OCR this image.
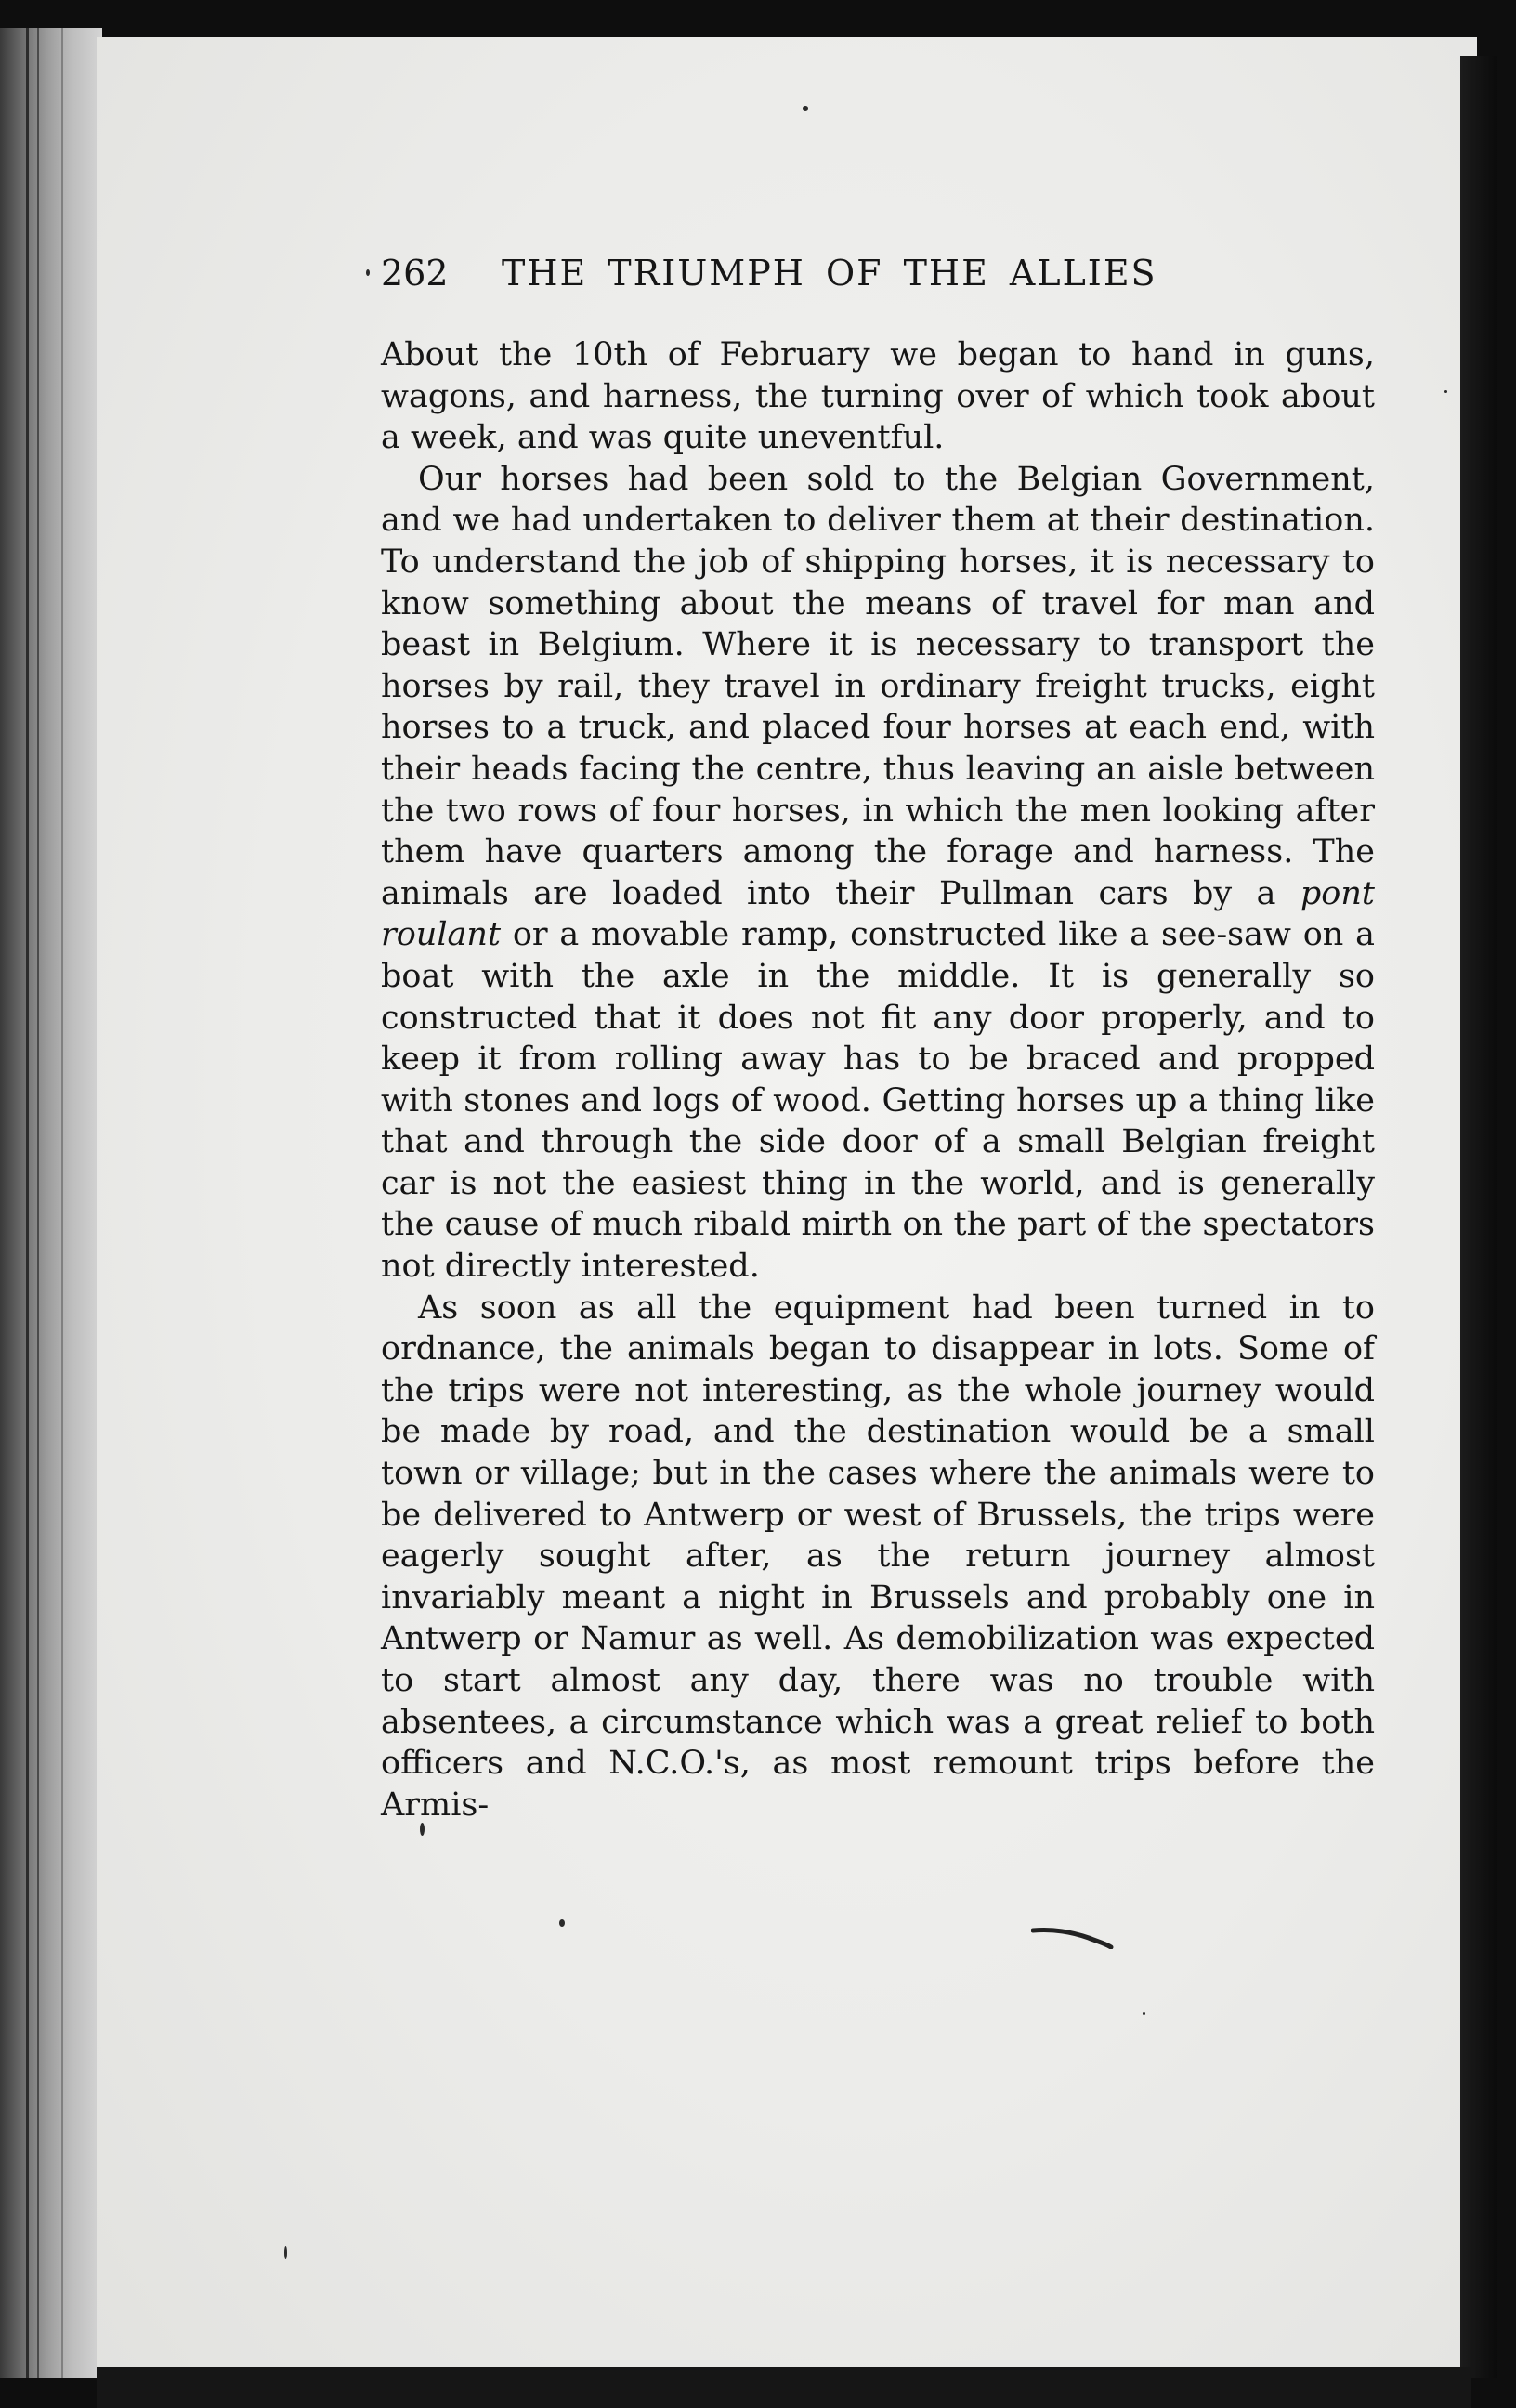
262	THE TRIUMPH OF THE ALLIES

About the 10th of February we began to hand in guns, wagons, and harness, the turning over of which took about a week, and was quite uneventful.

Our horses had been sold to the Belgian Government, and we had undertaken to deliver them at their destination. To understand the job of shipping horses, it is necessary to know something about the means of travel for man and beast in Belgium. Where it is necessary to transport the horses by rail, they travel in ordinary freight trucks, eight horses to a truck, and placed four horses at each end, with their heads facing the centre, thus leaving an aisle between the two rows of four horses, in which the men looking after them have quarters among the forage and harness. The animals are loaded into their Pullman cars by a pont roulant or a movable ramp, constructed like a see-saw on a boat with the axle in the middle. It is generally so constructed that it does not fit any door properly, and to keep it from rolling away has to be braced and propped with stones and logs of wood. Getting horses up a thing like that and through the side door of a small Belgian freight car is not the easiest thing in the world, and is generally the cause of much ribald mirth on the part of the spectators not directly interested.

As soon as all the equipment had been turned in to ordnance, the animals began to disappear in lots. Some of the trips were not interesting, as the whole journey would be made by road, and the destination would be a small town or village; but in the cases where the animals were to be delivered to Antwerp or west of Brussels, the trips were eagerly sought after, as the return journey almost invariably meant a night in Brussels and probably one in Antwerp or Namur as well. As demobilization was expected to start almost any day, there was no trouble with absentees, a circumstance which was a great relief to both officers and N.C.O.'s, as most remount trips before the Armis-
